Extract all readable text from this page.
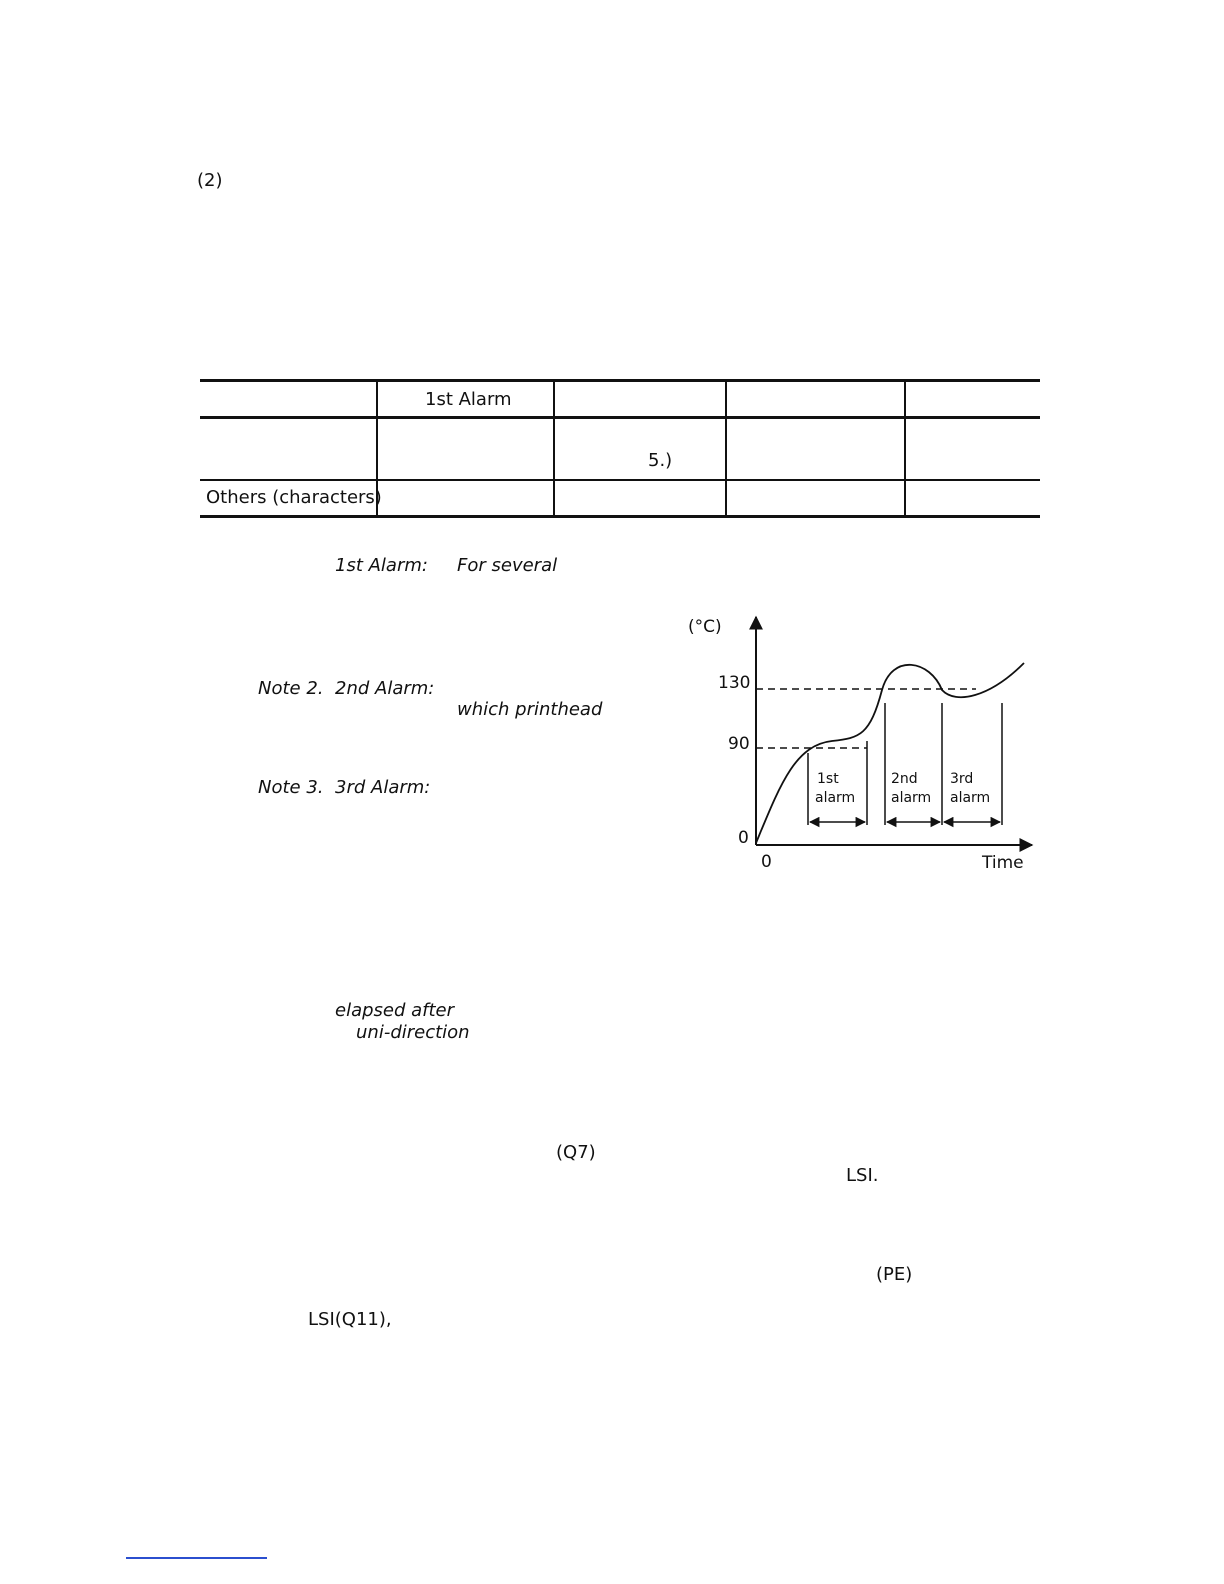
(2)
1st Alarm
5.)
Others (characters)
1st Alarm: For several
Note 2. 2nd Alarm:
which printhead
Note 3. 3rd Alarm:
elapsed after
uni-direction
(Q7)
LSI.
(PE)
LSI(Q11),
(°C)
130
90
0
0	Time
1st
alarm
2nd
alarm
3rd
alarm
